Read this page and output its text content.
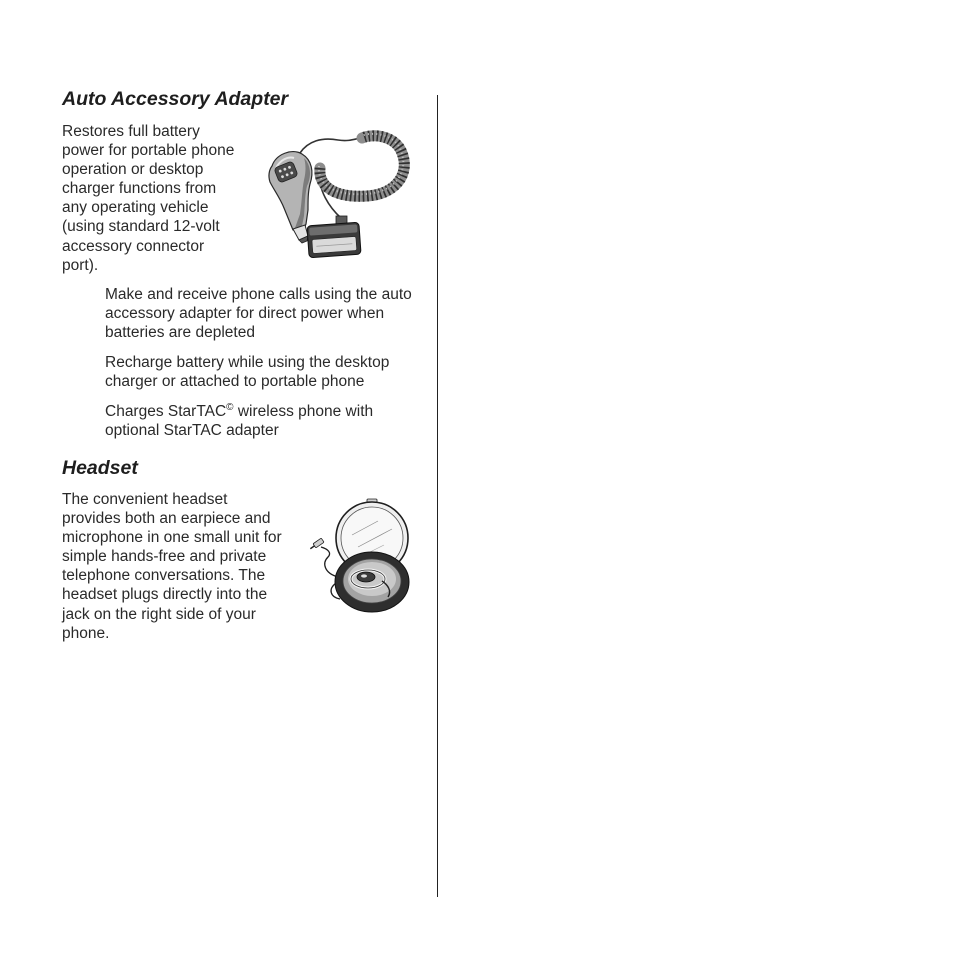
Auto Accessory Adapter
Restores full battery
power for portable phone
operation or desktop
charger functions from
any operating vehicle
(using standard 12-volt
accessory connector
port).
Make and receive phone calls using the auto
accessory adapter for direct power when
batteries are depleted
Recharge battery while using the desktop
charger or attached to portable phone
Charges StarTAC© wireless phone with
optional StarTAC adapter
Headset
The convenient headset
provides both an earpiece and
microphone in one small unit for
simple hands-free and private
telephone conversations. The
headset plugs directly into the
jack on the right side of your
phone.
